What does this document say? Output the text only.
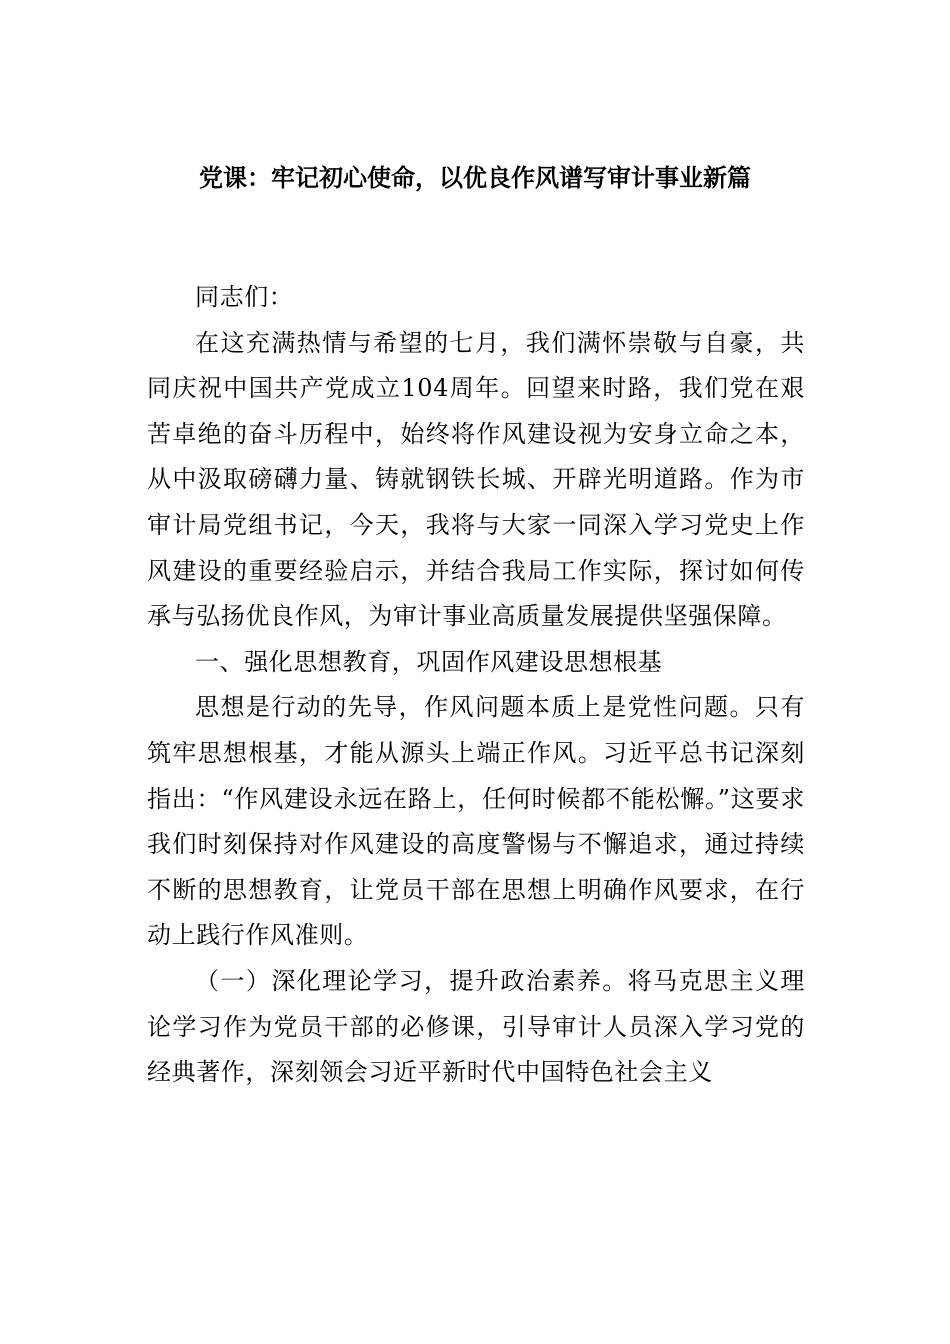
党课：牢记初心使命，以优良作风谱写审计事业新篇

同志们：

在这充满热情与希望的七月，我们满怀崇敬与自豪，共同庆祝中国共产党成立104周年。回望来时路，我们党在艰苦卓绝的奋斗历程中，始终将作风建设视为安身立命之本，从中汲取磅礴力量、铸就钢铁长城、开辟光明道路。作为市审计局党组书记，今天，我将与大家一同深入学习党史上作风建设的重要经验启示，并结合我局工作实际，探讨如何传承与弘扬优良作风，为审计事业高质量发展提供坚强保障。

一、强化思想教育，巩固作风建设思想根基

思想是行动的先导，作风问题本质上是党性问题。只有筑牢思想根基，才能从源头上端正作风。习近平总书记深刻指出：“作风建设永远在路上，任何时候都不能松懈。”这要求我们时刻保持对作风建设的高度警惕与不懈追求，通过持续不断的思想教育，让党员干部在思想上明确作风要求，在行动上践行作风准则。

（一）深化理论学习，提升政治素养。将马克思主义理论学习作为党员干部的必修课，引导审计人员深入学习党的经典著作，深刻领会习近平新时代中国特色社会主义
